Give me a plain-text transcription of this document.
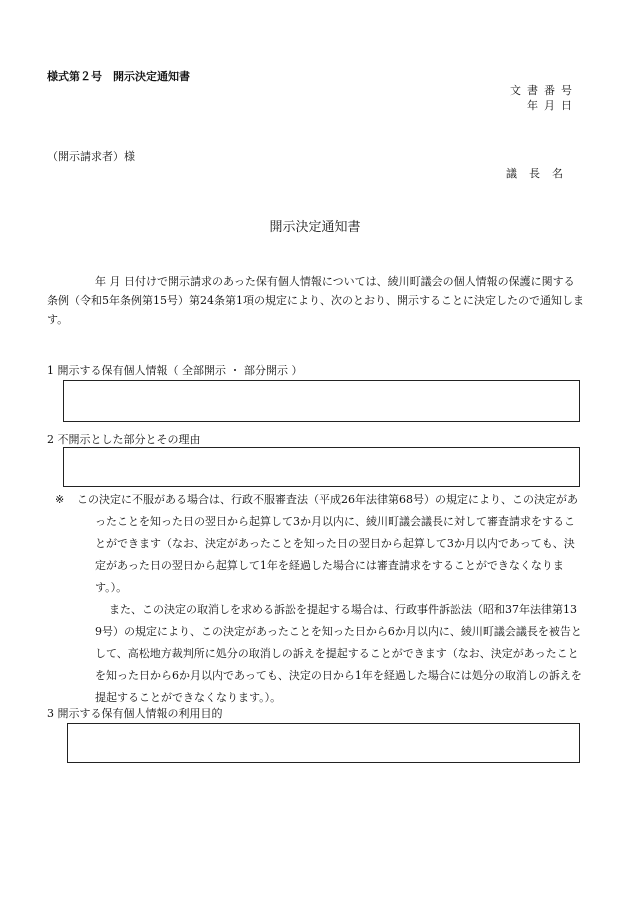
様式第２号　開示決定通知書
文書番号
年月日
（開示請求者）様
議長名
開示決定通知書
年 月 日付けで開示請求のあった保有個人情報については、綾川町議会の個人情報の保護に関する条例（令和5年条例第15号）第24条第1項の規定により、次のとおり、開示することに決定したので通知します。
1 開示する保有個人情報（ 全部開示 ・ 部分開示 ）
2 不開示とした部分とその理由

※ この決定に不服がある場合は、行政不服審査法（平成26年法律第68号）の規定により、この決定があったことを知った日の翌日から起算して3か月以内に、綾川町議会議長に対して審査請求をすることができます（なお、決定があったことを知った日の翌日から起算して3か月以内であっても、決定があった日の翌日から起算して1年を経過した場合には審査請求をすることができなくなります。）。

また、この決定の取消しを求める訴訟を提起する場合は、行政事件訴訟法（昭和37年法律第139号）の規定により、この決定があったことを知った日から6か月以内に、綾川町議会議長を被告として、高松地方裁判所に処分の取消しの訴えを提起することができます（なお、決定があったことを知った日から6か月以内であっても、決定の日から1年を経過した場合には処分の取消しの訴えを提起することができなくなります。）。

3 開示する保有個人情報の利用目的
